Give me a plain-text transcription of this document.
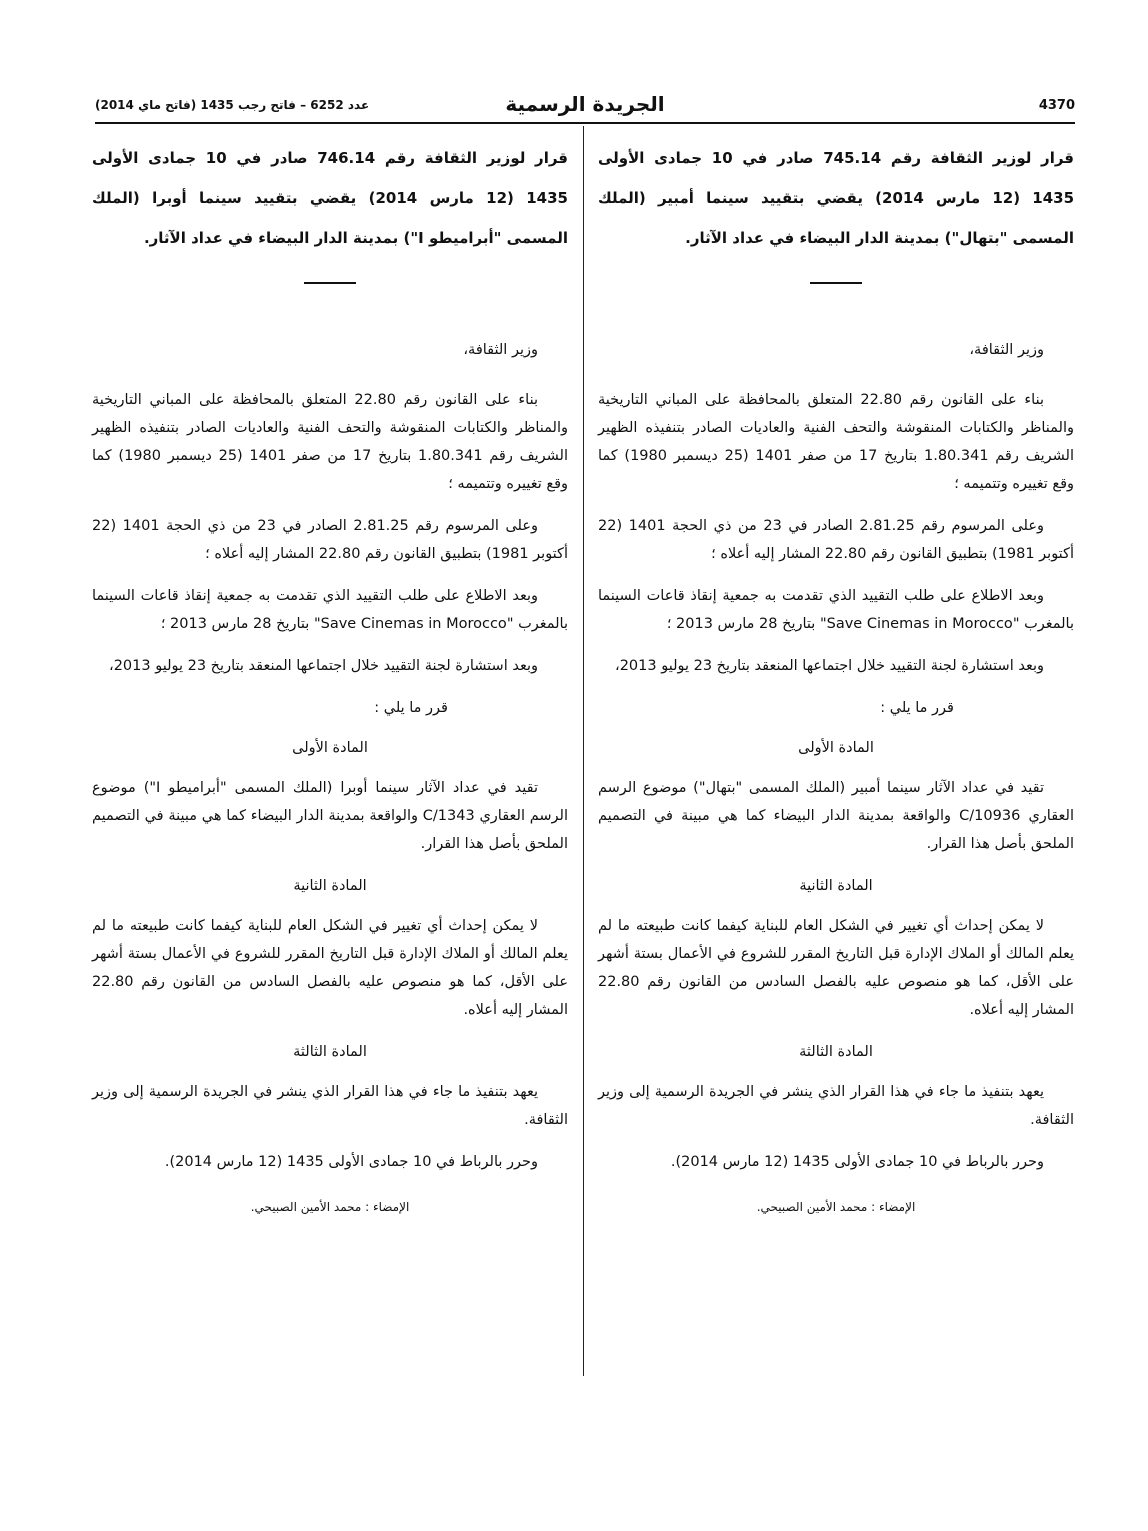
4370
الجريدة الرسمية
عدد 6252 – فاتح رجب 1435 (فاتح ماي 2014)

قرار لوزير الثقافة رقم 745.14 صادر في 10 جمادى الأولى 1435 (12 مارس 2014) يقضي بتقييد سينما أمبير (الملك المسمى "بتهال") بمدينة الدار البيضاء في عداد الآثار.

وزير الثقافة،

بناء على القانون رقم 22.80 المتعلق بالمحافظة على المباني التاريخية والمناظر والكتابات المنقوشة والتحف الفنية والعاديات الصادر بتنفيذه الظهير الشريف رقم 1.80.341 بتاريخ 17 من صفر 1401 (25 ديسمبر 1980) كما وقع تغييره وتتميمه ؛

وعلى المرسوم رقم 2.81.25 الصادر في 23 من ذي الحجة 1401 (22 أكتوبر 1981) بتطبيق القانون رقم 22.80 المشار إليه أعلاه ؛

وبعد الاطلاع على طلب التقييد الذي تقدمت به جمعية إنقاذ قاعات السينما بالمغرب "Save Cinemas in Morocco" بتاريخ 28 مارس 2013 ؛

وبعد استشارة لجنة التقييد خلال اجتماعها المنعقد بتاريخ 23 يوليو 2013،

قرر ما يلي :

المادة الأولى

تقيد في عداد الآثار سينما أمبير (الملك المسمى "بتهال") موضوع الرسم العقاري C/10936 والواقعة بمدينة الدار البيضاء كما هي مبينة في التصميم الملحق بأصل هذا القرار.

المادة الثانية

لا يمكن إحداث أي تغيير في الشكل العام للبناية كيفما كانت طبيعته ما لم يعلم المالك أو الملاك الإدارة قبل التاريخ المقرر للشروع في الأعمال بستة أشهر على الأقل، كما هو منصوص عليه بالفصل السادس من القانون رقم 22.80 المشار إليه أعلاه.

المادة الثالثة

يعهد بتنفيذ ما جاء في هذا القرار الذي ينشر في الجريدة الرسمية إلى وزير الثقافة.

وحرر بالرباط في 10 جمادى الأولى 1435 (12 مارس 2014).

الإمضاء : محمد الأمين الصبيحي.

قرار لوزير الثقافة رقم 746.14 صادر في 10 جمادى الأولى 1435 (12 مارس 2014) يقضي بتقييد سينما أوبرا (الملك المسمى "أبراميطو I") بمدينة الدار البيضاء في عداد الآثار.

وزير الثقافة،

بناء على القانون رقم 22.80 المتعلق بالمحافظة على المباني التاريخية والمناظر والكتابات المنقوشة والتحف الفنية والعاديات الصادر بتنفيذه الظهير الشريف رقم 1.80.341 بتاريخ 17 من صفر 1401 (25 ديسمبر 1980) كما وقع تغييره وتتميمه ؛

وعلى المرسوم رقم 2.81.25 الصادر في 23 من ذي الحجة 1401 (22 أكتوبر 1981) بتطبيق القانون رقم 22.80 المشار إليه أعلاه ؛

وبعد الاطلاع على طلب التقييد الذي تقدمت به جمعية إنقاذ قاعات السينما بالمغرب "Save Cinemas in Morocco" بتاريخ 28 مارس 2013 ؛

وبعد استشارة لجنة التقييد خلال اجتماعها المنعقد بتاريخ 23 يوليو 2013،

قرر ما يلي :

المادة الأولى

تقيد في عداد الآثار سينما أوبرا (الملك المسمى "أبراميطو I") موضوع الرسم العقاري C/1343 والواقعة بمدينة الدار البيضاء كما هي مبينة في التصميم الملحق بأصل هذا القرار.

المادة الثانية

لا يمكن إحداث أي تغيير في الشكل العام للبناية كيفما كانت طبيعته ما لم يعلم المالك أو الملاك الإدارة قبل التاريخ المقرر للشروع في الأعمال بستة أشهر على الأقل، كما هو منصوص عليه بالفصل السادس من القانون رقم 22.80 المشار إليه أعلاه.

المادة الثالثة

يعهد بتنفيذ ما جاء في هذا القرار الذي ينشر في الجريدة الرسمية إلى وزير الثقافة.

وحرر بالرباط في 10 جمادى الأولى 1435 (12 مارس 2014).

الإمضاء : محمد الأمين الصبيحي.
